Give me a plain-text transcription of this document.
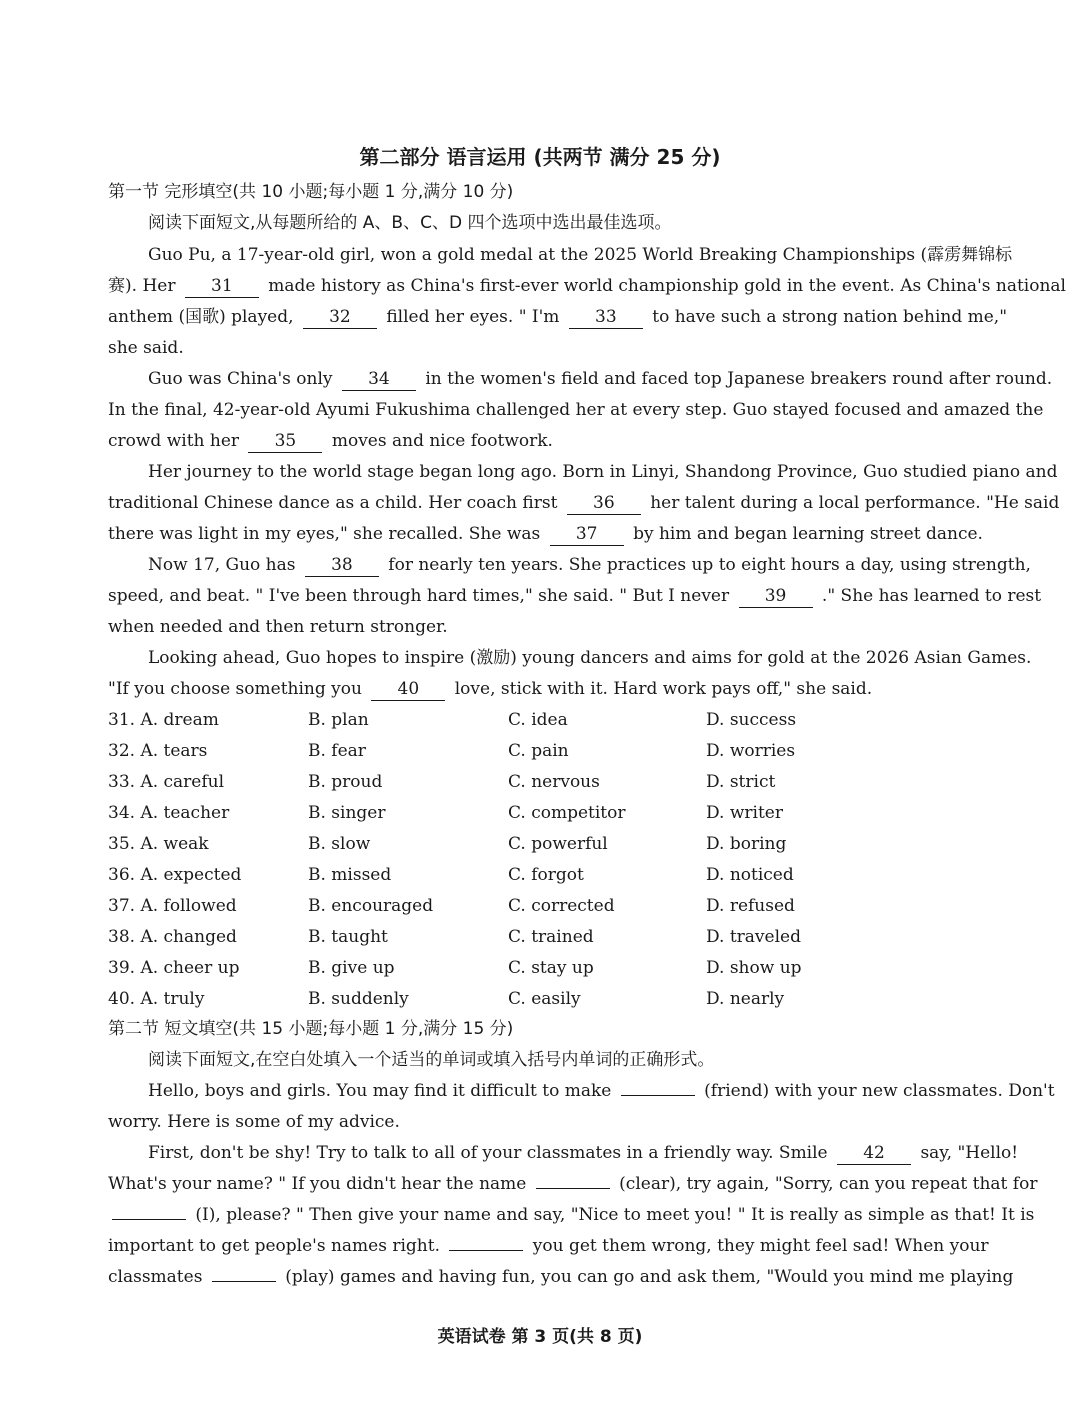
第二部分 语言运用 (共两节 满分 25 分)
第一节 完形填空(共 10 小题;每小题 1 分,满分 10 分)
阅读下面短文,从每题所给的 A、B、C、D 四个选项中选出最佳选项。
Guo Pu, a 17-year-old girl, won a gold medal at the 2025 World Breaking Championships (霹雳舞锦标
赛). Her 31 made history as China's first-ever world championship gold in the event. As China's national
anthem (国歌) played, 32 filled her eyes. " I'm 33 to have such a strong nation behind me,"
she said.
Guo was China's only 34 in the women's field and faced top Japanese breakers round after round.
In the final, 42-year-old Ayumi Fukushima challenged her at every step. Guo stayed focused and amazed the
crowd with her 35 moves and nice footwork.
Her journey to the world stage began long ago. Born in Linyi, Shandong Province, Guo studied piano and
traditional Chinese dance as a child. Her coach first 36 her talent during a local performance. "He said
there was light in my eyes," she recalled. She was 37 by him and began learning street dance.
Now 17, Guo has 38 for nearly ten years. She practices up to eight hours a day, using strength,
speed, and beat. " I've been through hard times," she said. " But I never 39 ." She has learned to rest
when needed and then return stronger.
Looking ahead, Guo hopes to inspire (激励) young dancers and aims for gold at the 2026 Asian Games.
"If you choose something you 40 love, stick with it. Hard work pays off," she said.
31. A. dream	B. plan	C. idea	D. success
32. A. tears	B. fear	C. pain	D. worries
33. A. careful	B. proud	C. nervous	D. strict
34. A. teacher	B. singer	C. competitor	D. writer
35. A. weak	B. slow	C. powerful	D. boring
36. A. expected	B. missed	C. forgot	D. noticed
37. A. followed	B. encouraged	C. corrected	D. refused
38. A. changed	B. taught	C. trained	D. traveled
39. A. cheer up	B. give up	C. stay up	D. show up
40. A. truly	B. suddenly	C. easily	D. nearly
第二节 短文填空(共 15 小题;每小题 1 分,满分 15 分)
阅读下面短文,在空白处填入一个适当的单词或填入括号内单词的正确形式。
Hello, boys and girls. You may find it difficult to make	(friend) with your new classmates. Don't
worry. Here is some of my advice.
First, don't be shy! Try to talk to all of your classmates in a friendly way. Smile 42 say, "Hello!
What's your name? " If you didn't hear the name	(clear), try again, "Sorry, can you repeat that for
(I), please? " Then give your name and say, "Nice to meet you! " It is really as simple as that! It is
important to get people's names right.	you get them wrong, they might feel sad! When your
classmates	(play) games and having fun, you can go and ask them, "Would you mind me playing
英语试卷 第 3 页(共 8 页)
